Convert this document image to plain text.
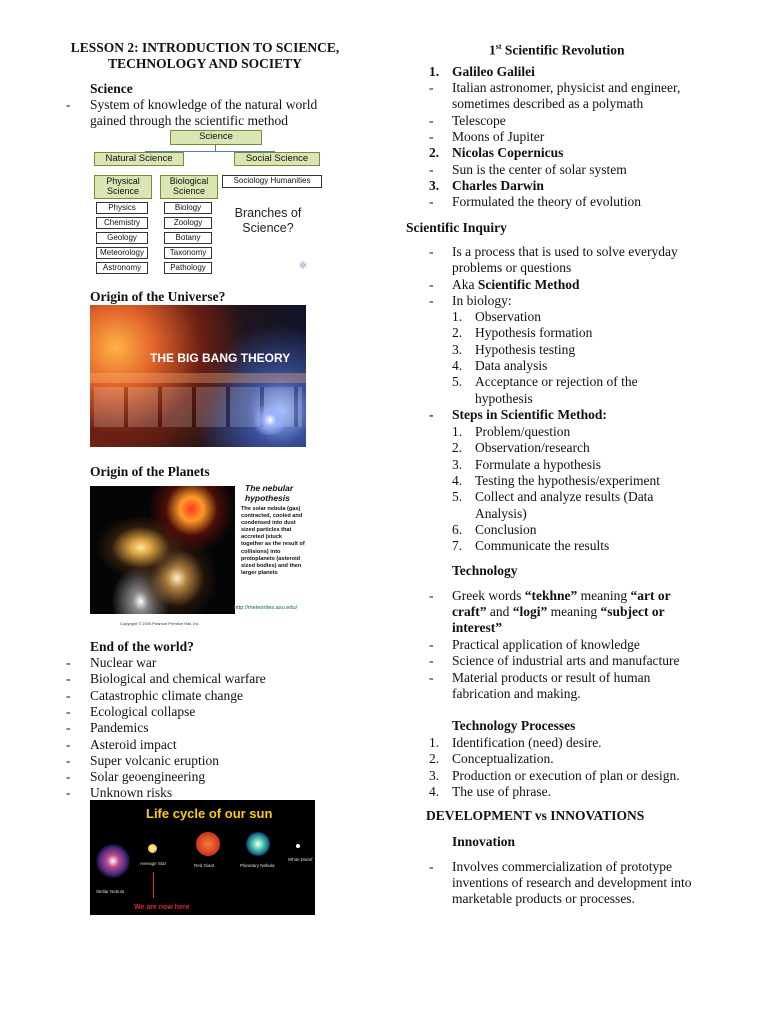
LESSON 2: INTRODUCTION TO SCIENCE,
TECHNOLOGY AND SOCIETY
Science
- System of knowledge of the natural world
gained through the scientific method
Science
Natural Science	Social Science
Physical Science
Biological Science
Sociology Humanities
Physics
Chemistry
Geology
Meteorology
Astronomy
Biology
Zoology
Botany
Taxonomy
Pathology
Branches of
Science?
⚛
Origin of the Universe?
THE BIG BANG THEORY
Origin of the Planets
The nebular
hypothesis
The solar nebula (gas) contracted, cooled and condensed into dust sized particles that accreted (stuck together as the result of collisions) into protoplanets (asteroid sized bodies) and then larger planets
http://meteorites.asu.edu/
Copyright © 2005 Pearson Prentice Hall, Inc.
End of the world?
- Nuclear war
- Biological and chemical warfare
- Catastrophic climate change
- Ecological collapse
- Pandemics
- Asteroid impact
- Super volcanic eruption
- Solar geoengineering
- Unknown risks
Life cycle of our sun
Stellar Nebula
Average Star	Red Giant	Planetary Nebula
White Dwarf
We are now here
1st Scientific Revolution
1. Galileo Galilei
- Italian astronomer, physicist and engineer,
sometimes described as a polymath
- Telescope
- Moons of Jupiter
2. Nicolas Copernicus
- Sun is the center of solar system
3. Charles Darwin
- Formulated the theory of evolution
Scientific Inquiry
- Is a process that is used to solve everyday
problems or questions
- Aka Scientific Method
- In biology:
1. Observation
2. Hypothesis formation
3. Hypothesis testing
4. Data analysis
5. Acceptance or rejection of the
hypothesis
- Steps in Scientific Method:
1. Problem/question
2. Observation/research
3. Formulate a hypothesis
4. Testing the hypothesis/experiment
5. Collect and analyze results (Data
Analysis)
6. Conclusion
7. Communicate the results
Technology
- Greek words “tekhne” meaning “art or
craft” and “logi” meaning “subject or
interest”
- Practical application of knowledge
- Science of industrial arts and manufacture
- Material products or result of human
fabrication and making.
Technology Processes
1. Identification (need) desire.
2. Conceptualization.
3. Production or execution of plan or design.
4. The use of phrase.
DEVELOPMENT vs INNOVATIONS
Innovation
- Involves commercialization of prototype
inventions of research and development into
marketable products or processes.
